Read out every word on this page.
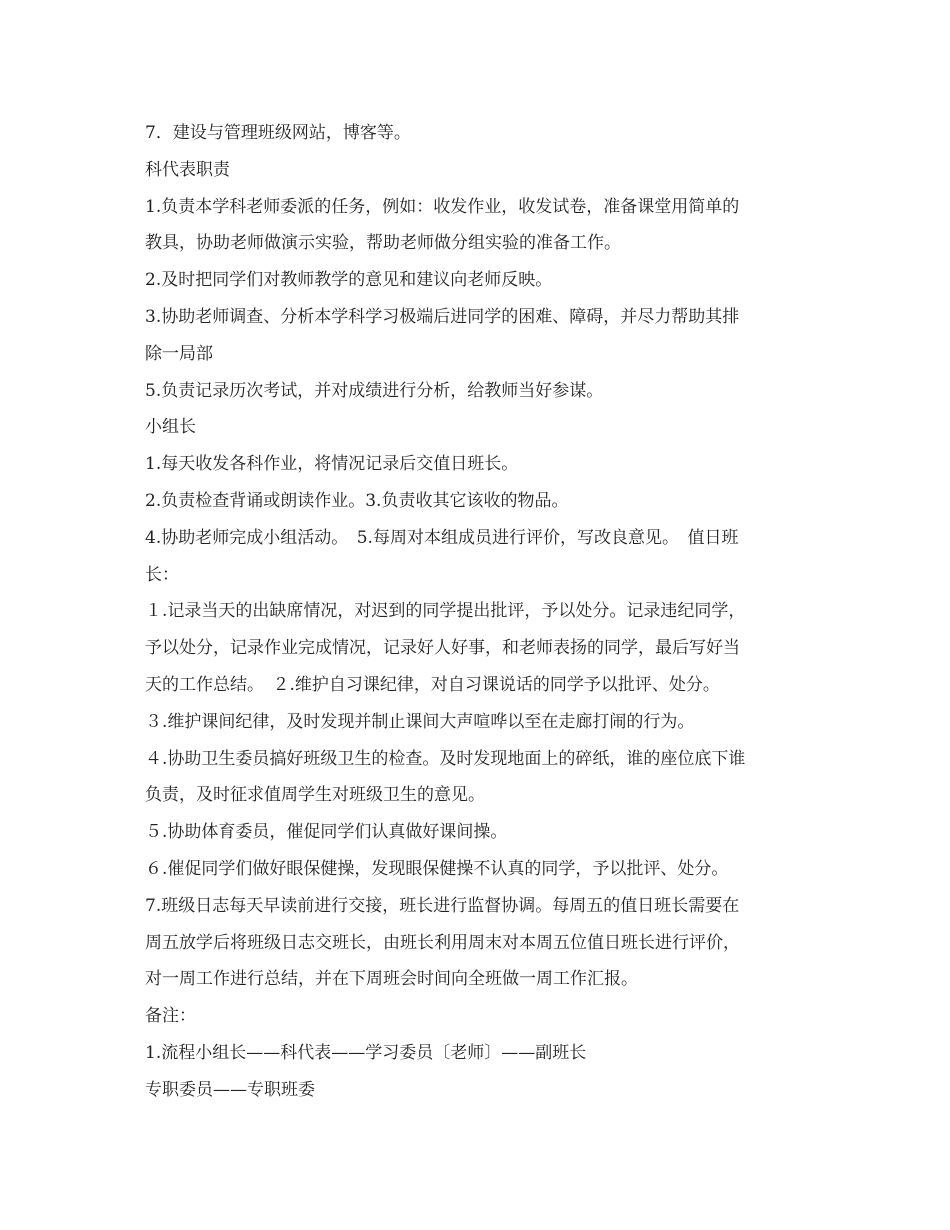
7．建设与管理班级网站，博客等。
科代表职责
1.负责本学科老师委派的任务，例如：收发作业，收发试卷，准备课堂用简单的
教具，协助老师做演示实验，帮助老师做分组实验的准备工作。
2.及时把同学们对教师教学的意见和建议向老师反映。
3.协助老师调查、分析本学科学习极端后进同学的困难、障碍，并尽力帮助其排
除一局部
5.负责记录历次考试，并对成绩进行分析，给教师当好参谋。
小组长
1.每天收发各科作业，将情况记录后交值日班长。
2.负责检查背诵或朗读作业。3.负责收其它该收的物品。
4.协助老师完成小组活动。　5.每周对本组成员进行评价，写改良意见。　值日班
长：
１.记录当天的出缺席情况，对迟到的同学提出批评，予以处分。记录违纪同学，
予以处分，记录作业完成情况，记录好人好事，和老师表扬的同学，最后写好当
天的工作总结。　２.维护自习课纪律，对自习课说话的同学予以批评、处分。
３.维护课间纪律，及时发现并制止课间大声喧哗以至在走廊打闹的行为。
４.协助卫生委员搞好班级卫生的检查。及时发现地面上的碎纸，谁的座位底下谁
负责，及时征求值周学生对班级卫生的意见。
５.协助体育委员，催促同学们认真做好课间操。
６.催促同学们做好眼保健操，发现眼保健操不认真的同学，予以批评、处分。
7.班级日志每天早读前进行交接，班长进行监督协调。每周五的值日班长需要在
周五放学后将班级日志交班长，由班长利用周末对本周五位值日班长进行评价，
对一周工作进行总结，并在下周班会时间向全班做一周工作汇报。
备注：
1.流程小组长——科代表——学习委员〔老师〕——副班长
专职委员——专职班委
